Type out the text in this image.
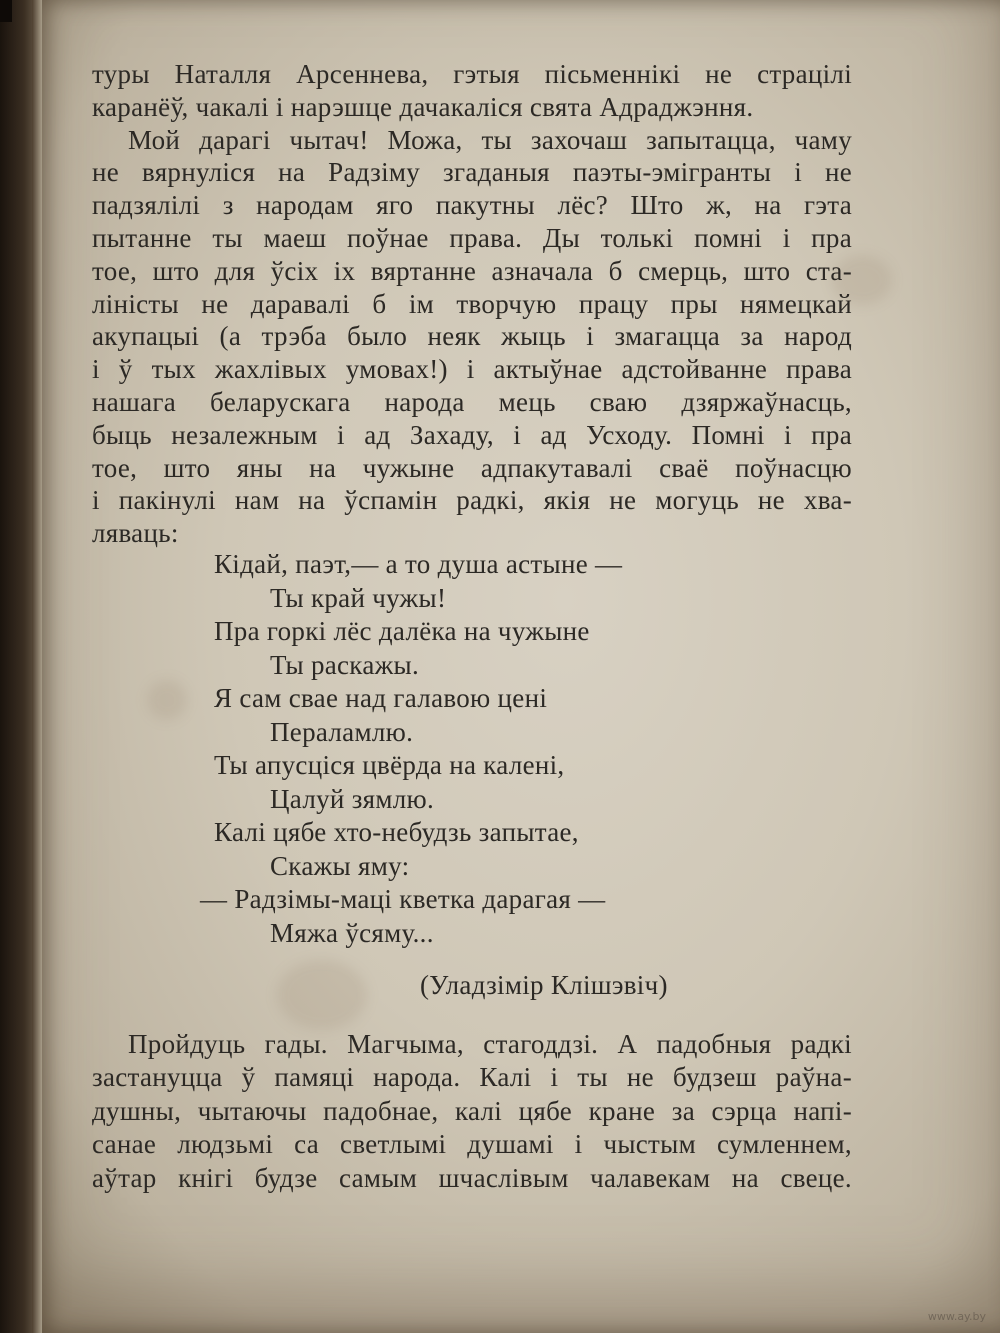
туры Наталля Арсеннева, гэтыя пісьменнікі не страцілі
каранёў, чакалі і нарэшце дачакаліся свята Адраджэння.

Мой дарагі чытач! Можа, ты захочаш запытацца, чаму
не вярнуліся на Радзіму згаданыя паэты-эмігранты і не
падзялілі з народам яго пакутны лёс? Што ж, на гэта
пытанне ты маеш поўнае права. Ды толькі помні і пра
тое, што для ўсіх іх вяртанне азначала б смерць, што ста-
ліністы не даравалі б ім творчую працу пры нямецкай
акупацыі (а трэба было неяк жыць і змагацца за народ
і ў тых жахлівых умовах!) і актыўнае адстойванне права
нашага беларускага народа мець сваю дзяржаўнасць,
быць незалежным і ад Захаду, і ад Усходу. Помні і пра
тое, што яны на чужыне адпакутавалі сваё поўнасцю
і пакінулі нам на ўспамін радкі, якія не могуць не хва-
ляваць:

Кідай, паэт,— а то душа астыне —
Ты край чужы!
Пра горкі лёс далёка на чужыне
Ты раскажы.
Я сам свае над галавою цені
Пераламлю.
Ты апусціся цвёрда на калені,
Цалуй зямлю.
Калі цябе хто-небудзь запытае,
Скажы яму:
— Радзімы-маці кветка дарагая —
Мяжа ўсяму...
(Уладзімір Клішэвіч)

Пройдуць гады. Магчыма, стагоддзі. А падобныя радкі
застануцца ў памяці народа. Калі і ты не будзеш раўна-
душны, чытаючы падобнае, калі цябе кране за сэрца напі-
санае людзьмі са светлымі душамі і чыстым сумленнем,
аўтар кнігі будзе самым шчаслівым чалавекам на свеце.

www.ay.by
